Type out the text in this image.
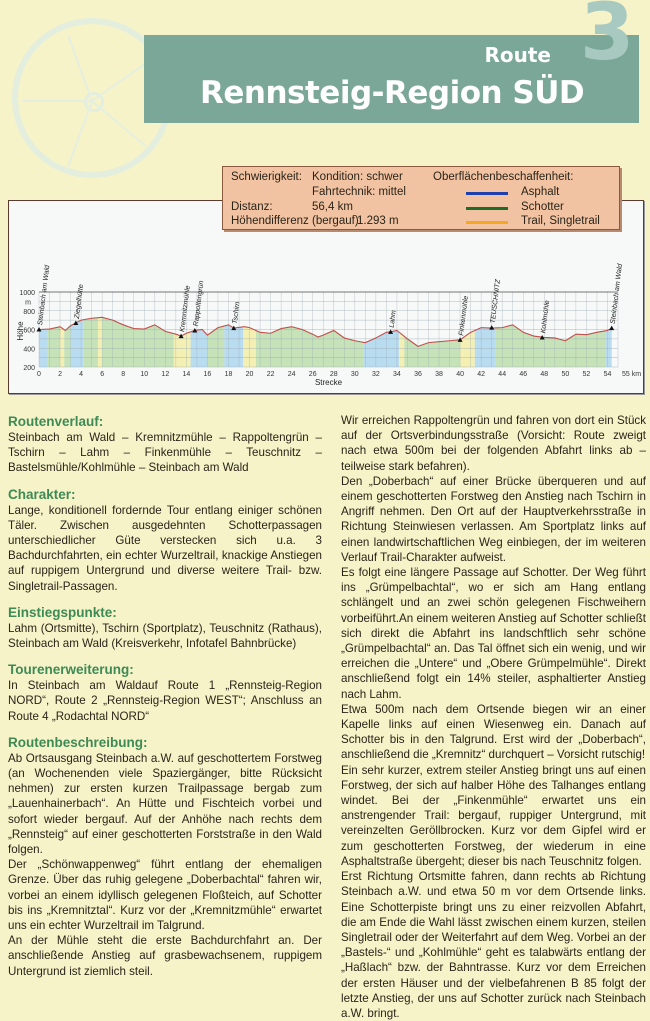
Route
Rennsteig-Region SÜD
3
200
400
600
800
1000
m
0 2 4 6 8 10 12 14 16 18 20 22 24 26 28 30 32 34 36 38 40 42 44 46 48 50 52 54 55 km
Strecke
Höhe
Steinbach am Wald	Ziegelhütte	Kremnitzmühle Rappoltengrün	Tschirn	Lahm	Finkenmühle	TEUSCHNITZ	Kohlmühle	Steinbach am Wald
Schwierigkeit: Kondition: schwer
Fahrtechnik: mittel
Distanz:	56,4 km
Höhendifferenz (bergauf):
1.293 m
Oberflächenbeschaffenheit:
Asphalt
Schotter
Trail, Singletrail
Routenverlauf:

Steinbach am Wald – Kremnitzmühle – Rappoltengrün – Tschirn – Lahm – Finkenmühle – Teuschnitz – Bastelsmühle/Kohlmühle – Steinbach am Wald

Charakter:

Lange, konditionell fordernde Tour entlang einiger schönen Täler. Zwischen ausgedehnten Schotterpassagen unterschiedlicher Güte verstecken sich u.a. 3 Bachdurchfahrten, ein echter Wurzeltrail, knackige Anstiegen auf ruppigem Untergrund und diverse weitere Trail- bzw. Singletrail-Passagen.

Einstiegspunkte:

Lahm (Ortsmitte), Tschirn (Sportplatz), Teuschnitz (Rathaus), Steinbach am Wald (Kreisverkehr, Infotafel Bahnbrücke)

Tourenerweiterung:

In Steinbach am Waldauf Route 1 „Rennsteig-Region NORD“, Route 2 „Rennsteig-Region WEST“; Anschluss an Route 4 „Rodachtal NORD“

Routenbeschreibung:

Ab Ortsausgang Steinbach a.W. auf geschottertem Forstweg (an Wochenenden viele Spaziergänger, bitte Rücksicht nehmen) zur ersten kurzen Trailpassage bergab zum „Lauenhainerbach“. An Hütte und Fischteich vorbei und sofort wieder bergauf. Auf der Anhöhe nach rechts dem „Rennsteig“ auf einer geschotterten Forststraße in den Wald folgen.

Der „Schönwappenweg“ führt entlang der ehemaligen Grenze. Über das ruhig gelegene „Doberbachtal“ fahren wir, vorbei an einem idyllisch gelegenen Floßteich, auf Schotter bis ins „Kremnitztal“. Kurz vor der „Kremnitzmühle“ erwartet uns ein echter Wurzeltrail im Talgrund.

An der Mühle steht die erste Bachdurchfahrt an. Der anschließende Anstieg auf grasbewachsenem, ruppigem Untergrund ist ziemlich steil.

Wir erreichen Rappoltengrün und fahren von dort ein Stück auf der Ortsverbindungsstraße (Vorsicht: Route zweigt nach etwa 500m bei der folgenden Abfahrt links ab – teilweise stark befahren).

Den „Doberbach“ auf einer Brücke überqueren und auf einem geschotterten Forstweg den Anstieg nach Tschirn in Angriff nehmen. Den Ort auf der Hauptverkehrsstraße in Richtung Steinwiesen verlassen. Am Sportplatz links auf einen landwirtschaftlichen Weg einbiegen, der im weiteren Verlauf Trail-Charakter aufweist.

Es folgt eine längere Passage auf Schotter. Der Weg führt ins „Grümpelbachtal“, wo er sich am Hang entlang schlängelt und an zwei schön gelegenen Fischweihern vorbeiführt.An einem weiteren Anstieg auf Schotter schließt sich direkt die Abfahrt ins landschftlich sehr schöne „Grümpelbachtal“ an. Das Tal öffnet sich ein wenig, und wir erreichen die „Untere“ und „Obere Grümpelmühle“. Direkt anschließend folgt ein 14% steiler, asphaltierter Anstieg nach Lahm.

Etwa 500m nach dem Ortsende biegen wir an einer Kapelle links auf einen Wiesenweg ein. Danach auf Schotter bis in den Talgrund. Erst wird der „Doberbach“, anschließend die „Kremnitz“ durchquert – Vorsicht rutschig!

Ein sehr kurzer, extrem steiler Anstieg bringt uns auf einen Forstweg, der sich auf halber Höhe des Talhanges entlang windet. Bei der „Finkenmühle“ erwartet uns ein anstrengender Trail: bergauf, ruppiger Untergrund, mit vereinzelten Geröllbrocken. Kurz vor dem Gipfel wird er zum geschotterten Forstweg, der wiederum in eine Asphaltstraße übergeht; dieser bis nach Teuschnitz folgen.

Erst Richtung Ortsmitte fahren, dann rechts ab Richtung Steinbach a.W. und etwa 50 m vor dem Ortsende links. Eine Schotterpiste bringt uns zu einer reizvollen Abfahrt, die am Ende die Wahl lässt zwischen einem kurzen, steilen Singletrail oder der Weiterfahrt auf dem Weg. Vorbei an der „Bastels-“ und „Kohlmühle“ geht es talabwärts entlang der „Haßlach“ bzw. der Bahntrasse. Kurz vor dem Erreichen der ersten Häuser und der vielbefahrenen B 85 folgt der letzte Anstieg, der uns auf Schotter zurück nach Steinbach a.W. bringt.
